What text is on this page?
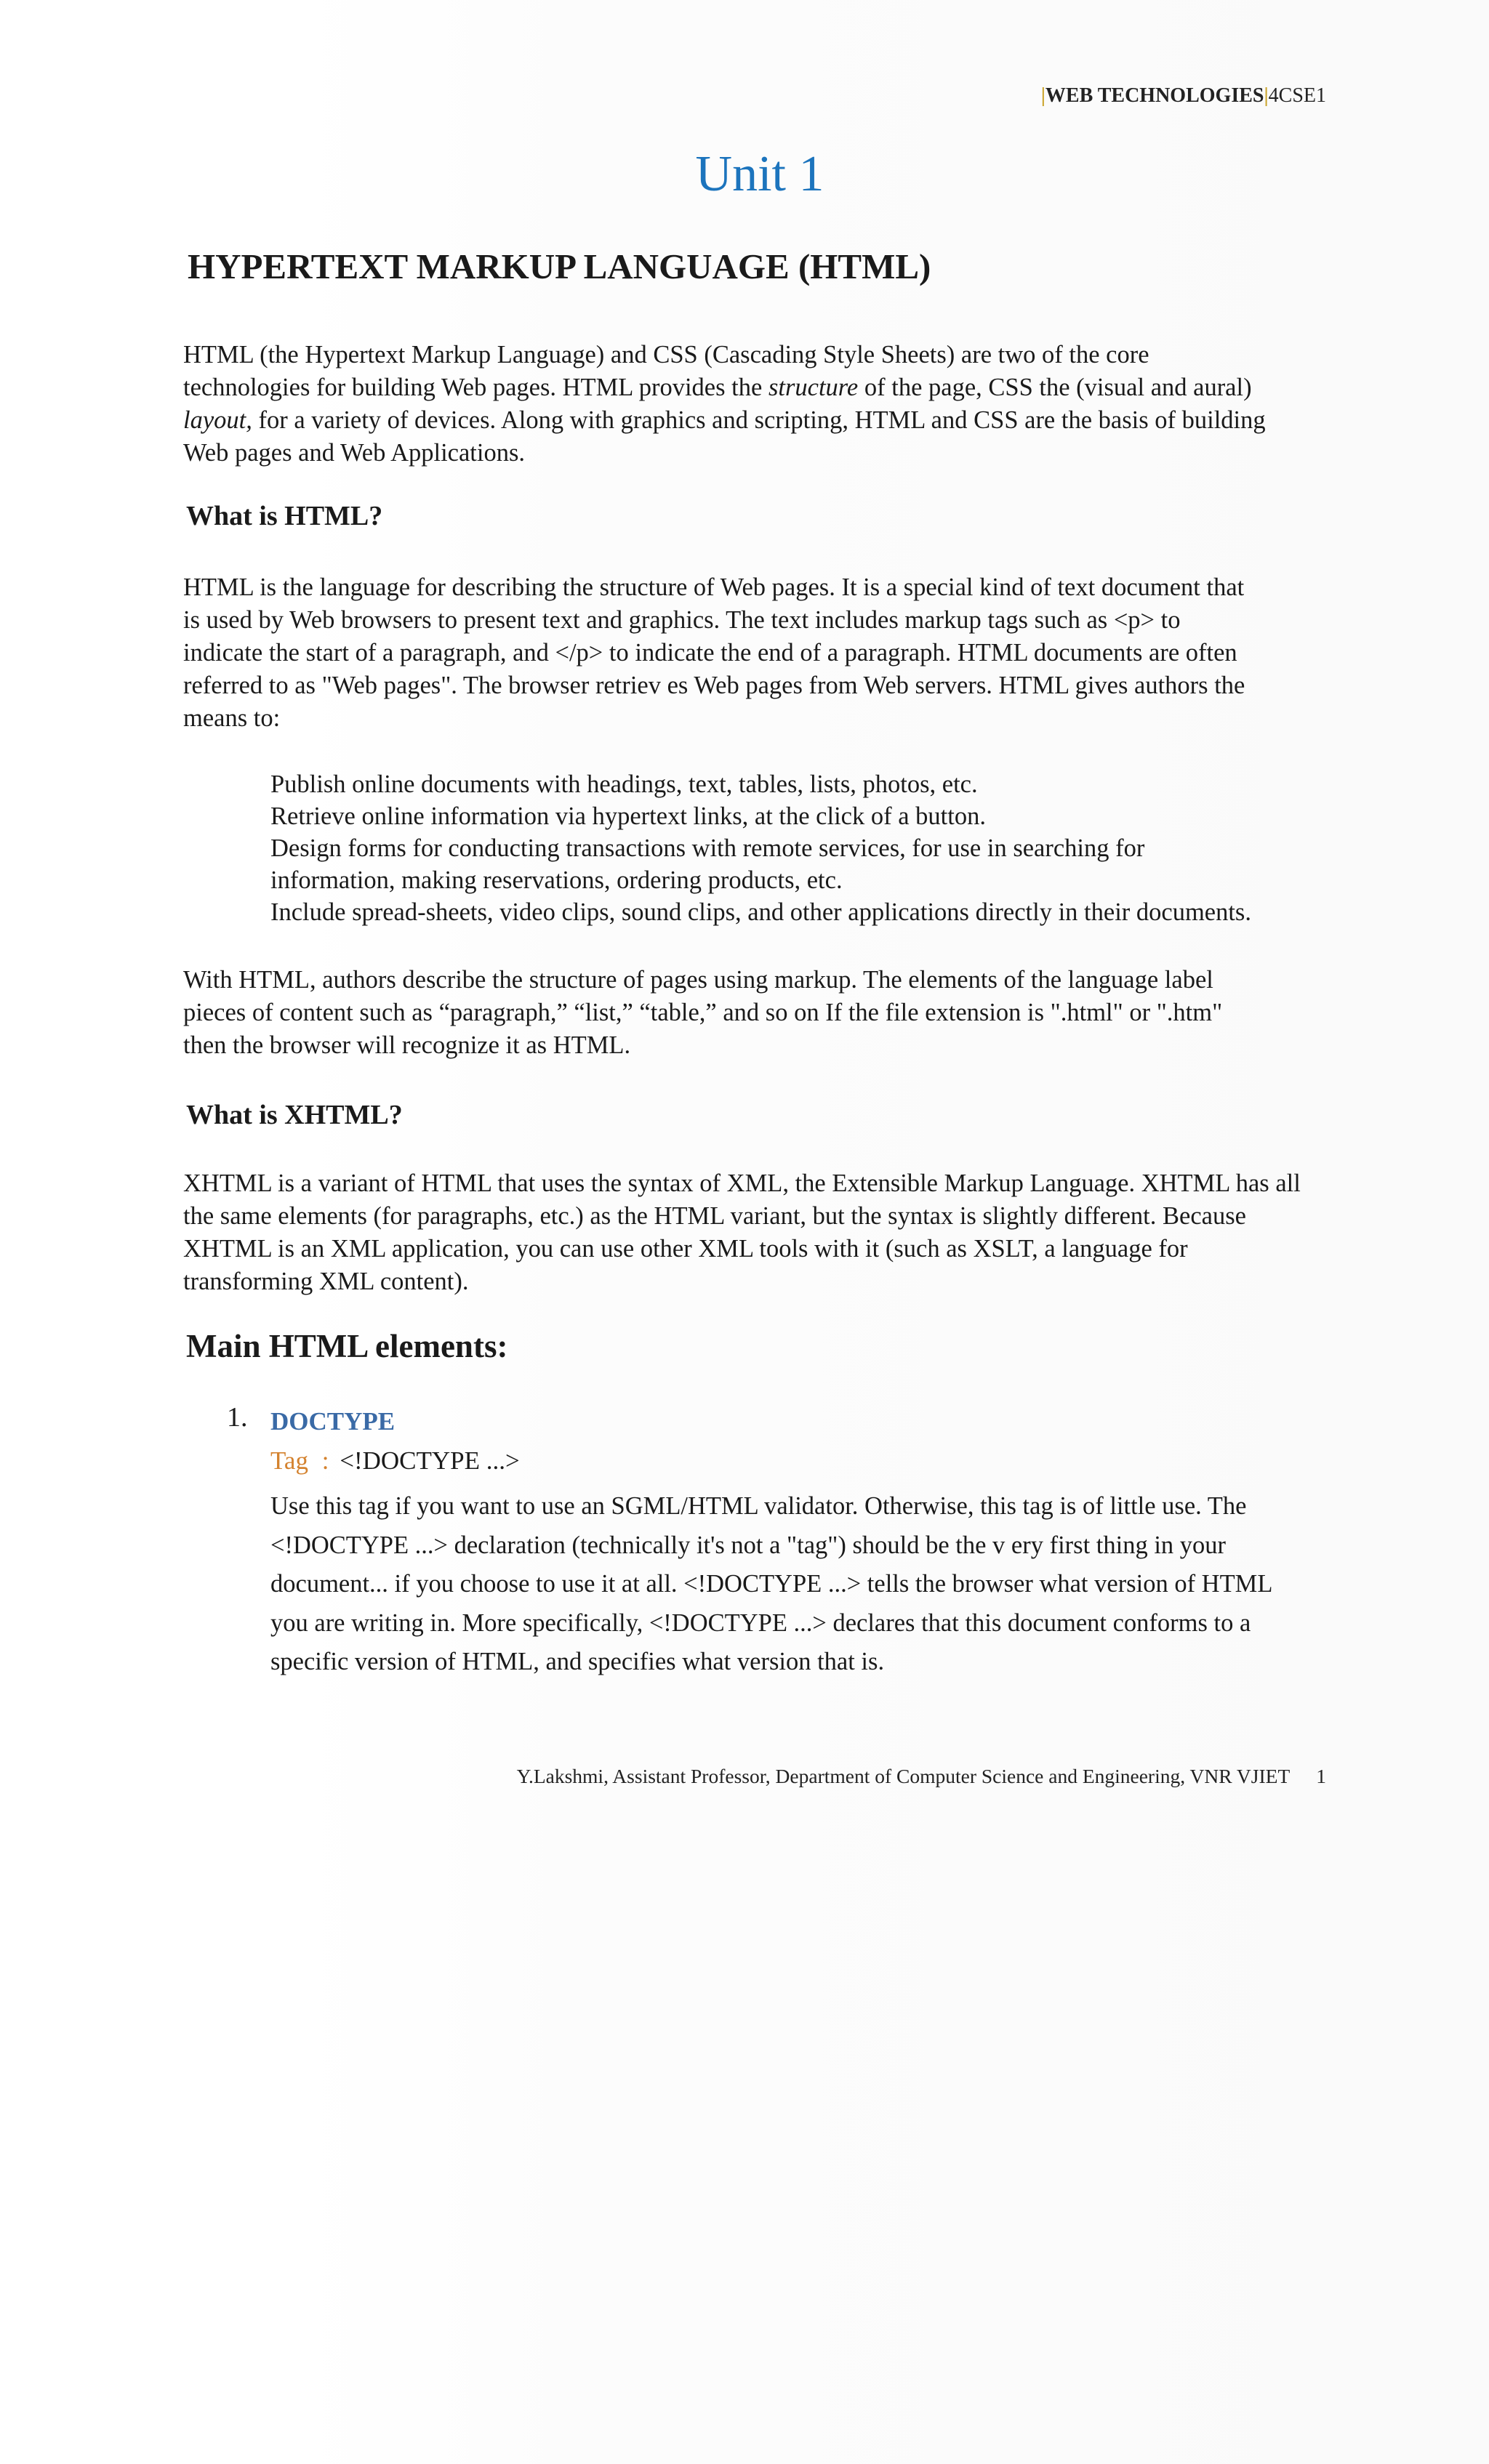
|WEB TECHNOLOGIES|4CSE1
Unit 1
HYPERTEXT MARKUP LANGUAGE (HTML)
HTML (the Hypertext Markup Language) and CSS (Cascading Style Sheets) are two of the core
technologies for building Web pages. HTML provides the structure of the page, CSS the (visual and aural)
layout, for a variety of devices. Along with graphics and scripting, HTML and CSS are the basis of building
Web pages and Web Applications.
What is HTML?
HTML is the language for describing the structure of Web pages. It is a special kind of text document that
is used by Web browsers to present text and graphics. The text includes markup tags such as <p> to
indicate the start of a paragraph, and </p> to indicate the end of a paragraph. HTML documents are often
referred to as "Web pages". The browser retriev es Web pages from Web servers. HTML gives authors the
means to:
Publish online documents with headings, text, tables, lists, photos, etc.
Retrieve online information via hypertext links, at the click of a button.
Design forms for conducting transactions with remote services, for use in searching for
information, making reservations, ordering products, etc.
Include spread-sheets, video clips, sound clips, and other applications directly in their documents.
With HTML, authors describe the structure of pages using markup. The elements of the language label
pieces of content such as “paragraph,” “list,” “table,” and so on If the file extension is ".html" or ".htm"
then the browser will recognize it as HTML.
What is XHTML?
XHTML is a variant of HTML that uses the syntax of XML, the Extensible Markup Language. XHTML has all
the same elements (for paragraphs, etc.) as the HTML variant, but the syntax is slightly different. Because
XHTML is an XML application, you can use other XML tools with it (such as XSLT, a language for
transforming XML content).
Main HTML elements:
1. DOCTYPE
Tag : <!DOCTYPE ...>
Use this tag if you want to use an SGML/HTML validator. Otherwise, this tag is of little use. The
<!DOCTYPE ...> declaration (technically it's not a "tag") should be the v ery first thing in your
document... if you choose to use it at all. <!DOCTYPE ...> tells the browser what version of HTML
you are writing in. More specifically, <!DOCTYPE ...> declares that this document conforms to a
specific version of HTML, and specifies what version that is.
Y.Lakshmi, Assistant Professor, Department of Computer Science and Engineering, VNR VJIET 1
